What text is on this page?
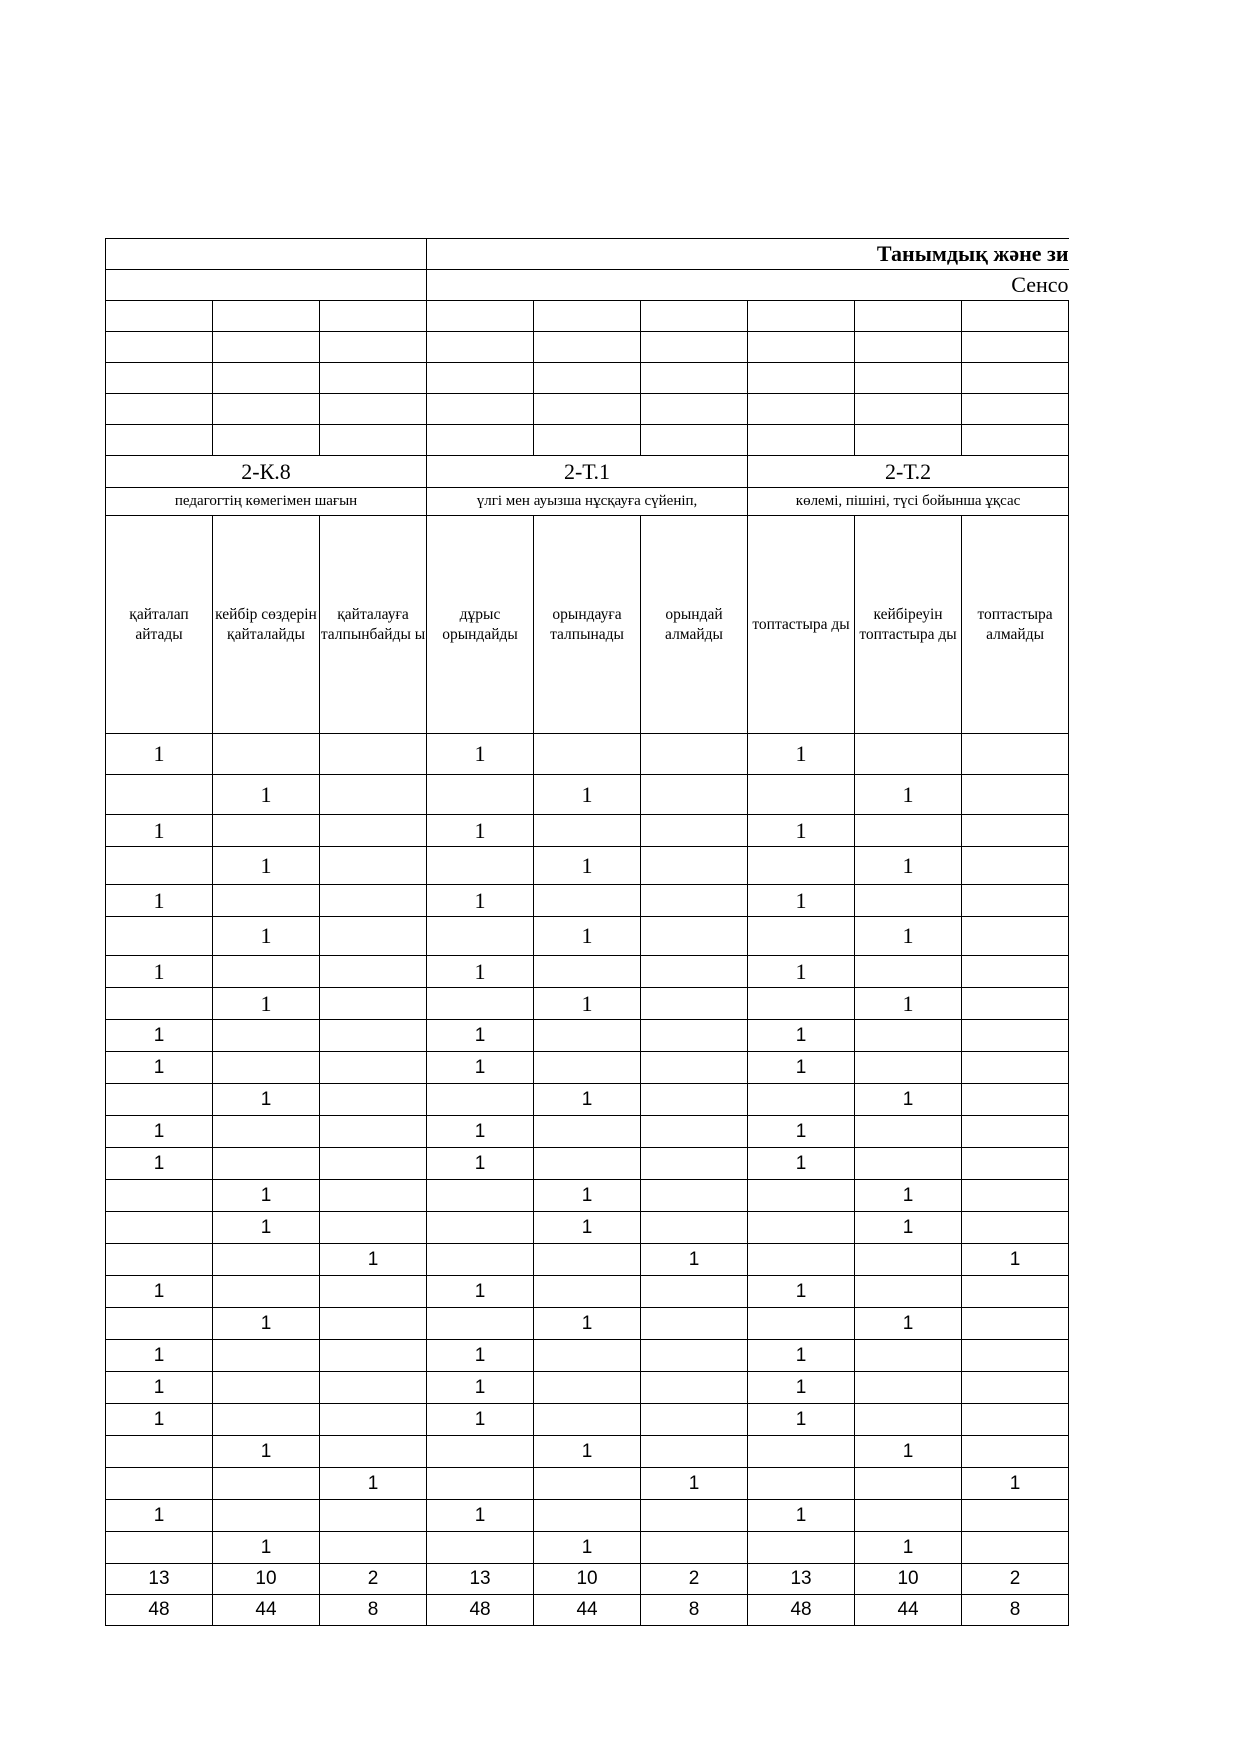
			Танымдық және зи					
			Сенсо					

2-К.8			2-Т.1			2-Т.2		
педагогтің көмегімен шағын			үлгі мен ауызша нұсқауға сүйеніп,			көлемі, пішіні, түсі бойынша ұқсас		
қайталап айтады	кейбір сөздерін қайталайды	қайталауға талпынбайды ы	дұрыс орындайды	орындауға талпынады	орындай алмайды	топтастыра ды	кейбіреуін топтастыра ды	топтастыра алмайды
1			1			1		
	1			1			1	
1			1			1		
	1			1			1	
1			1			1		
	1			1			1	
1			1			1		
	1			1			1	
1			1			1		
1			1			1		
	1			1			1	
1			1			1		
1			1			1		
	1			1			1	
	1			1			1	
		1			1			1
1			1			1		
	1			1			1	
1			1			1		
1			1			1		
1			1			1		
	1			1			1	
		1			1			1
1			1			1		
	1			1			1	
13	10	2	13	10	2	13	10	2
48	44	8	48	44	8	48	44	8
